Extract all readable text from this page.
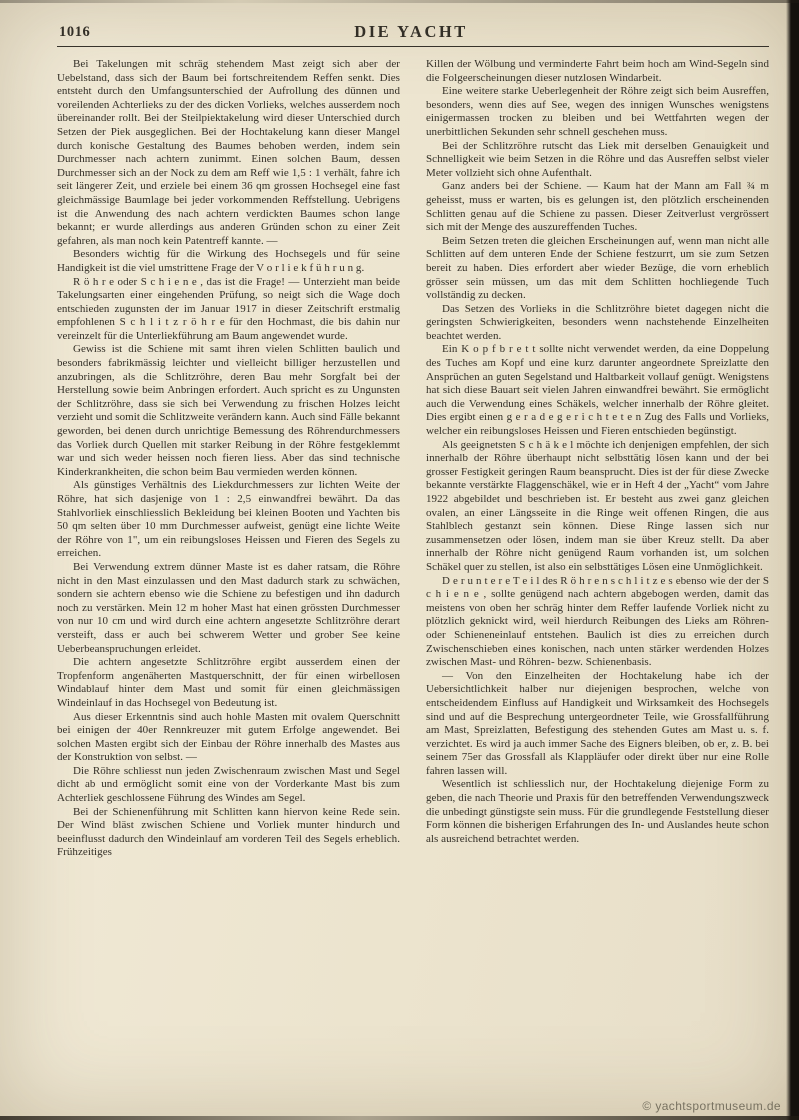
1016	DIE YACHT

Bei Takelungen mit schräg stehendem Mast zeigt sich aber der Uebelstand, dass sich der Baum bei fortschreitendem Reffen senkt. Dies entsteht durch den Umfangsunterschied der Aufrollung des dünnen und voreilenden Achterlieks zu der des dicken Vorlieks, welches ausserdem noch übereinander rollt. Bei der Steilpiektakelung wird dieser Unterschied durch Setzen der Piek ausgeglichen. Bei der Hochtakelung kann dieser Mangel durch konische Gestaltung des Baumes behoben werden, indem sein Durchmesser nach achtern zunimmt. Einen solchen Baum, dessen Durchmesser sich an der Nock zu dem am Reff wie 1,5 : 1 verhält, fahre ich seit längerer Zeit, und erziele bei einem 36 qm grossen Hochsegel eine fast gleichmässige Baumlage bei jeder vorkommenden Reffstellung. Uebrigens ist die Anwendung des nach achtern verdickten Baumes schon lange bekannt; er wurde allerdings aus anderen Gründen schon zu einer Zeit gefahren, als man noch kein Patentreff kannte. —

Besonders wichtig für die Wirkung des Hochsegels und für seine Handigkeit ist die viel umstrittene Frage der V o r l i e k f ü h r u n g.

R ö h r e oder S c h i e n e , das ist die Frage! — Unterzieht man beide Takelungsarten einer eingehenden Prüfung, so neigt sich die Wage doch entschieden zugunsten der im Januar 1917 in dieser Zeitschrift erstmalig empfohlenen S c h l i t z r ö h r e für den Hochmast, die bis dahin nur vereinzelt für die Unterliekführung am Baum angewendet wurde.

Gewiss ist die Schiene mit samt ihren vielen Schlitten baulich und besonders fabrikmässig leichter und vielleicht billiger herzustellen und anzubringen, als die Schlitzröhre, deren Bau mehr Sorgfalt bei der Herstellung sowie beim Anbringen erfordert. Auch spricht es zu Ungunsten der Schlitzröhre, dass sie sich bei Verwendung zu frischen Holzes leicht verzieht und somit die Schlitzweite verändern kann. Auch sind Fälle bekannt geworden, bei denen durch unrichtige Bemessung des Röhrendurchmessers das Vorliek durch Quellen mit starker Reibung in der Röhre festgeklemmt war und sich weder heissen noch fieren liess. Aber das sind technische Kinderkrankheiten, die schon beim Bau vermieden werden können.

Als günstiges Verhältnis des Liekdurchmessers zur lichten Weite der Röhre, hat sich dasjenige von 1 : 2,5 einwandfrei bewährt. Da das Stahlvorliek einschliesslich Bekleidung bei kleinen Booten und Yachten bis 50 qm selten über 10 mm Durchmesser aufweist, genügt eine lichte Weite der Röhre von 1", um ein reibungsloses Heissen und Fieren des Segels zu erreichen.

Bei Verwendung extrem dünner Maste ist es daher ratsam, die Röhre nicht in den Mast einzulassen und den Mast dadurch stark zu schwächen, sondern sie achtern ebenso wie die Schiene zu befestigen und ihn dadurch noch zu verstärken. Mein 12 m hoher Mast hat einen grössten Durchmesser von nur 10 cm und wird durch eine achtern angesetzte Schlitzröhre derart versteift, dass er auch bei schwerem Wetter und grober See keine Ueberbeanspruchungen erleidet.

Die achtern angesetzte Schlitzröhre ergibt ausserdem einen der Tropfenform angenäherten Mastquerschnitt, der für einen wirbellosen Windablauf hinter dem Mast und somit für einen gleichmässigen Windeinlauf in das Hochsegel von Bedeutung ist.

Aus dieser Erkenntnis sind auch hohle Masten mit ovalem Querschnitt bei einigen der 40er Rennkreuzer mit gutem Erfolge angewendet. Bei solchen Masten ergibt sich der Einbau der Röhre innerhalb des Mastes aus der Konstruktion von selbst. —

Die Röhre schliesst nun jeden Zwischenraum zwischen Mast und Segel dicht ab und ermöglicht somit eine von der Vorderkante Mast bis zum Achterliek geschlossene Führung des Windes am Segel.

Bei der Schienenführung mit Schlitten kann hiervon keine Rede sein. Der Wind bläst zwischen Schiene und Vorliek munter hindurch und beeinflusst dadurch den Windeinlauf am vorderen Teil des Segels erheblich. Frühzeitiges

Killen der Wölbung und verminderte Fahrt beim hoch am Wind-Segeln sind die Folgeerscheinungen dieser nutzlosen Windarbeit.

Eine weitere starke Ueberlegenheit der Röhre zeigt sich beim Ausreffen, besonders, wenn dies auf See, wegen des innigen Wunsches wenigstens einigermassen trocken zu bleiben und bei Wettfahrten wegen der unerbittlichen Sekunden sehr schnell geschehen muss.

Bei der Schlitzröhre rutscht das Liek mit derselben Genauigkeit und Schnelligkeit wie beim Setzen in die Röhre und das Ausreffen selbst vieler Meter vollzieht sich ohne Aufenthalt.

Ganz anders bei der Schiene. — Kaum hat der Mann am Fall ¾ m geheisst, muss er warten, bis es gelungen ist, den plötzlich erscheinenden Schlitten genau auf die Schiene zu passen. Dieser Zeitverlust vergrössert sich mit der Menge des auszureffenden Tuches.

Beim Setzen treten die gleichen Erscheinungen auf, wenn man nicht alle Schlitten auf dem unteren Ende der Schiene festzurrt, um sie zum Setzen bereit zu haben. Dies erfordert aber wieder Bezüge, die vorn erheblich grösser sein müssen, um das mit dem Schlitten hochliegende Tuch vollständig zu decken.

Das Setzen des Vorlieks in die Schlitzröhre bietet dagegen nicht die geringsten Schwierigkeiten, besonders wenn nachstehende Einzelheiten beachtet werden.

Ein K o p f b r e t t sollte nicht verwendet werden, da eine Doppelung des Tuches am Kopf und eine kurz darunter angeordnete Spreizlatte den Ansprüchen an guten Segelstand und Haltbarkeit vollauf genügt. Wenigstens hat sich diese Bauart seit vielen Jahren einwandfrei bewährt. Sie ermöglicht auch die Verwendung eines Schäkels, welcher innerhalb der Röhre gleitet. Dies ergibt einen g e r a d e g e r i c h t e t e n Zug des Falls und Vorlieks, welcher ein reibungsloses Heissen und Fieren entschieden begünstigt.

Als geeignetsten S c h ä k e l möchte ich denjenigen empfehlen, der sich innerhalb der Röhre überhaupt nicht selbsttätig lösen kann und der bei grosser Festigkeit geringen Raum beansprucht. Dies ist der für diese Zwecke bekannte verstärkte Flaggenschäkel, wie er in Heft 4 der „Yacht“ vom Jahre 1922 abgebildet und beschrieben ist. Er besteht aus zwei ganz gleichen ovalen, an einer Längsseite in die Ringe weit offenen Ringen, die aus Stahlblech gestanzt sein können. Diese Ringe lassen sich nur zusammensetzen oder lösen, indem man sie über Kreuz stellt. Da aber innerhalb der Röhre nicht genügend Raum vorhanden ist, um solchen Schäkel quer zu stellen, ist also ein selbsttätiges Lösen eine Unmöglichkeit.

D e r u n t e r e T e i l des R ö h r e n s c h l i t z e s ebenso wie der der S c h i e n e , sollte genügend nach achtern abgebogen werden, damit das meistens von oben her schräg hinter dem Reffer laufende Vorliek nicht zu plötzlich geknickt wird, weil hierdurch Reibungen des Lieks am Röhren- oder Schieneneinlauf entstehen. Baulich ist dies zu erreichen durch Zwischenschieben eines konischen, nach unten stärker werdenden Holzes zwischen Mast- und Röhren- bezw. Schienenbasis.

— Von den Einzelheiten der Hochtakelung habe ich der Uebersichtlichkeit halber nur diejenigen besprochen, welche von entscheidendem Einfluss auf Handigkeit und Wirksamkeit des Hochsegels sind und auf die Besprechung untergeordneter Teile, wie Grossfallführung am Mast, Spreizlatten, Befestigung des stehenden Gutes am Mast u. s. f. verzichtet. Es wird ja auch immer Sache des Eigners bleiben, ob er, z. B. bei seinem 75er das Grossfall als Klappläufer oder direkt über nur eine Rolle fahren lassen will.

Wesentlich ist schliesslich nur, der Hochtakelung diejenige Form zu geben, die nach Theorie und Praxis für den betreffenden Verwendungszweck die unbedingt günstigste sein muss. Für die grundlegende Feststellung dieser Form können die bisherigen Erfahrungen des In- und Auslandes heute schon als ausreichend betrachtet werden.

© yachtsportmuseum.de
